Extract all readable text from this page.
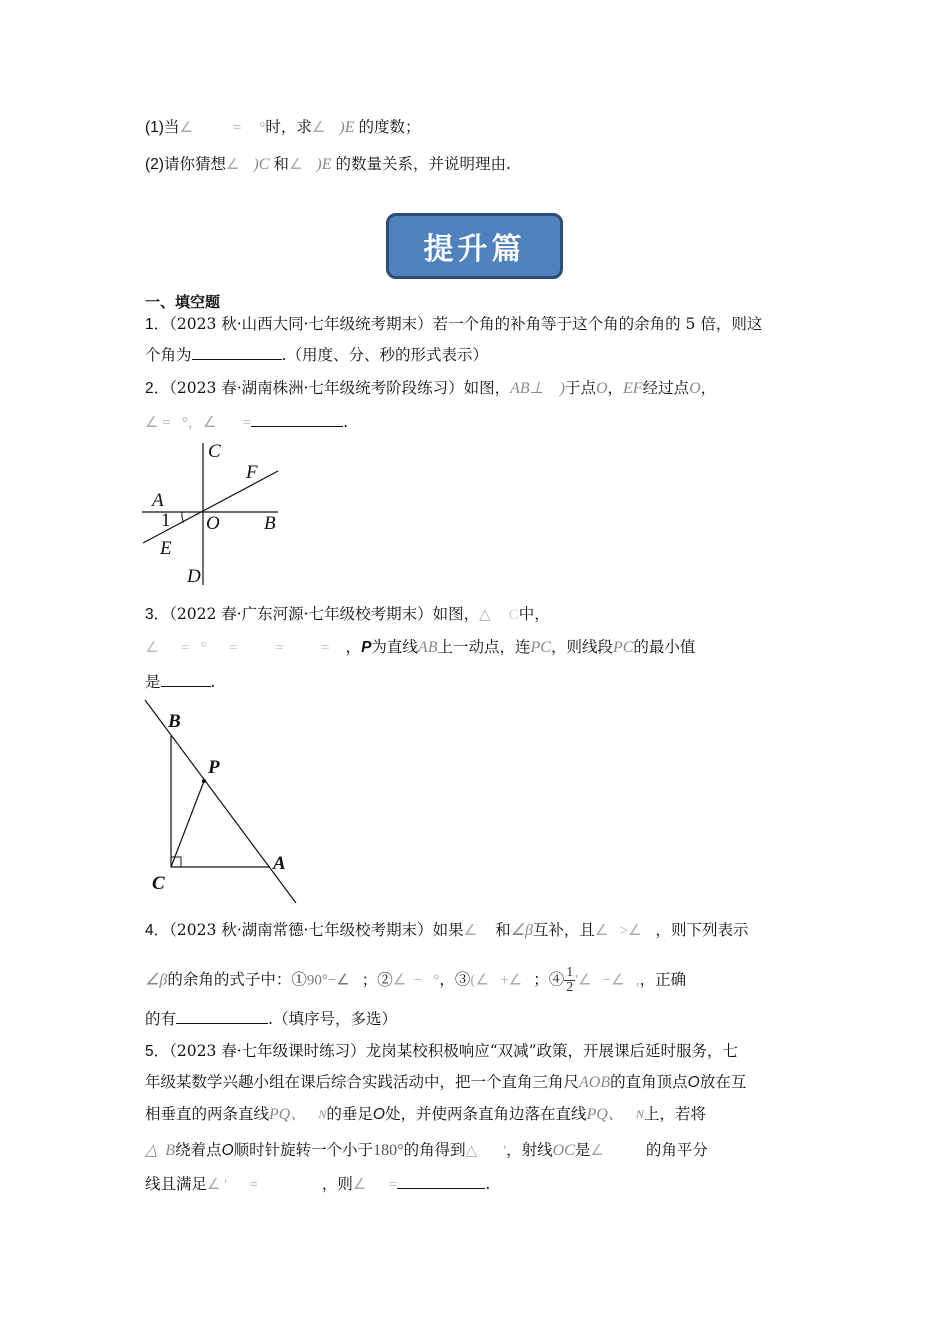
(1)当∠	= °时，求∠ )E 的度数；
(2)请你猜想∠ )C 和∠ )E 的数量关系，并说明理由.
提升篇
一、填空题
1．（2023 秋·山西大同·七年级统考期末）若一个角的补角等于这个角的余角的 5 倍，则这
个角为	.（用度、分、秒的形式表示）
2．（2023 春·湖南株洲·七年级统考阶段练习）如图，AB⊥ )于点O，EF经过点O，
∠ =   °，∠       =	.
C
F
A
1 O B
E
D
3．（2022 春·广东河源·七年级校考期末）如图，△ C中，
∠      =   °      =          =          = ，P为直线AB上一动点，连PC，则线段PC的最小值
是	.
B
P
C
A
4．（2023 秋·湖南常德·七年级校考期末）如果∠ 和∠β互补，且∠   >∠ ，则下列表示
∠β的余角的式子中：①90°−∠ ；②∠  −   °，③(∠   +∠   ；④ $\frac{1}{2}$ '∠   −∠   ,，正确
的有	.（填序号，多选）
5．（2023 春·七年级课时练习）龙岗某校积极响应“双减”政策，开展课后延时服务，七
年级某数学兴趣小组在课后综合实践活动中，把一个直角三角尺AOB的直角顶点O放在互
相垂直的两条直线PQ、 $^N$的垂足O处，并使两条直角边落在直线PQ、 $^N$上，若将
△  B绕着点O顺时针旋转一个小于180°的角得到△       '，射线OC是∠	的角平分
线且满足∠ '      =	，则∠      =	.
